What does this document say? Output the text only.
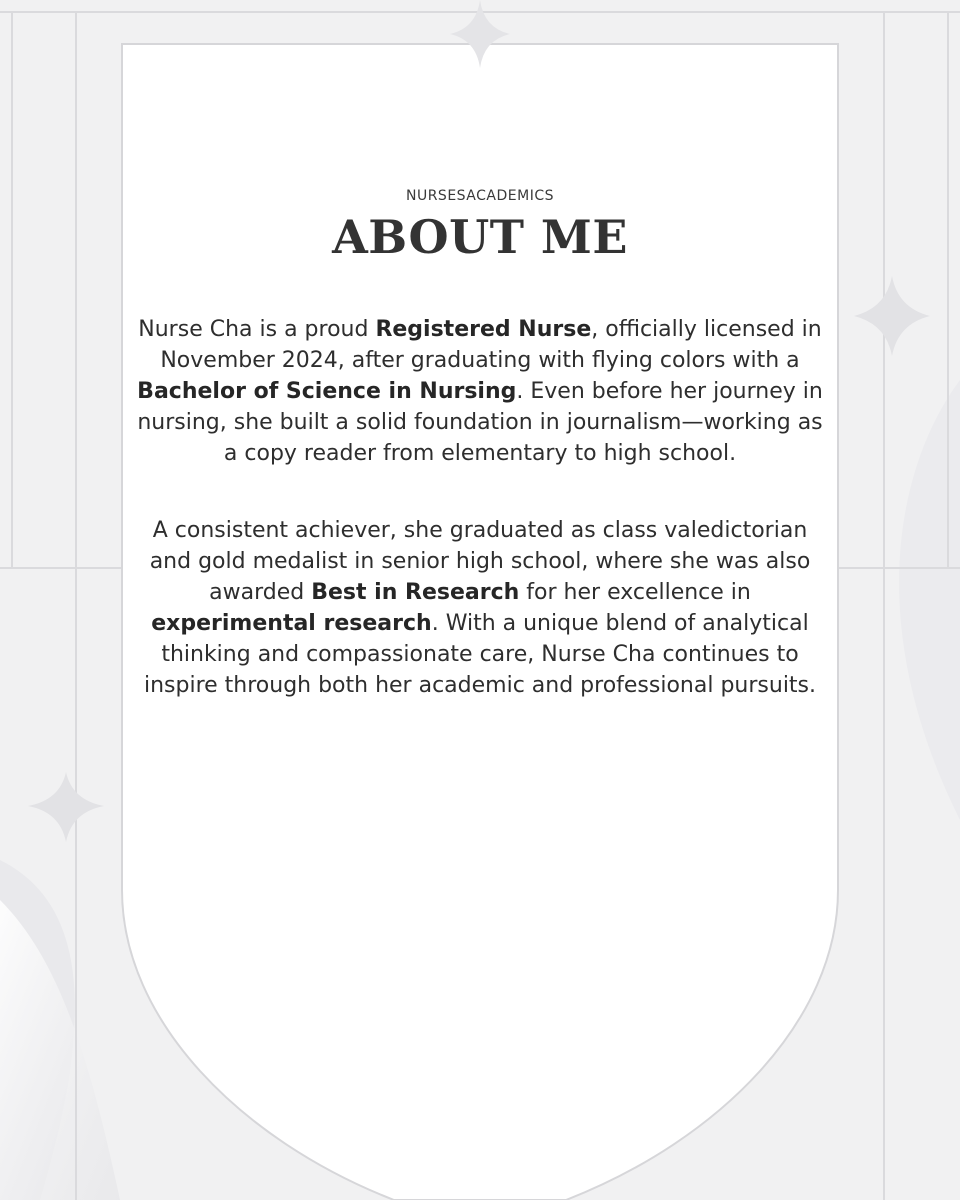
NURSESACADEMICS
ABOUT ME

Nurse Cha is a proud Registered Nurse, officially licensed in November 2024, after graduating with flying colors with a Bachelor of Science in Nursing. Even before her journey in nursing, she built a solid foundation in journalism—working as a copy reader from elementary to high school.

A consistent achiever, she graduated as class valedictorian and gold medalist in senior high school, where she was also awarded Best in Research for her excellence in experimental research. With a unique blend of analytical thinking and compassionate care, Nurse Cha continues to inspire through both her academic and professional pursuits.
